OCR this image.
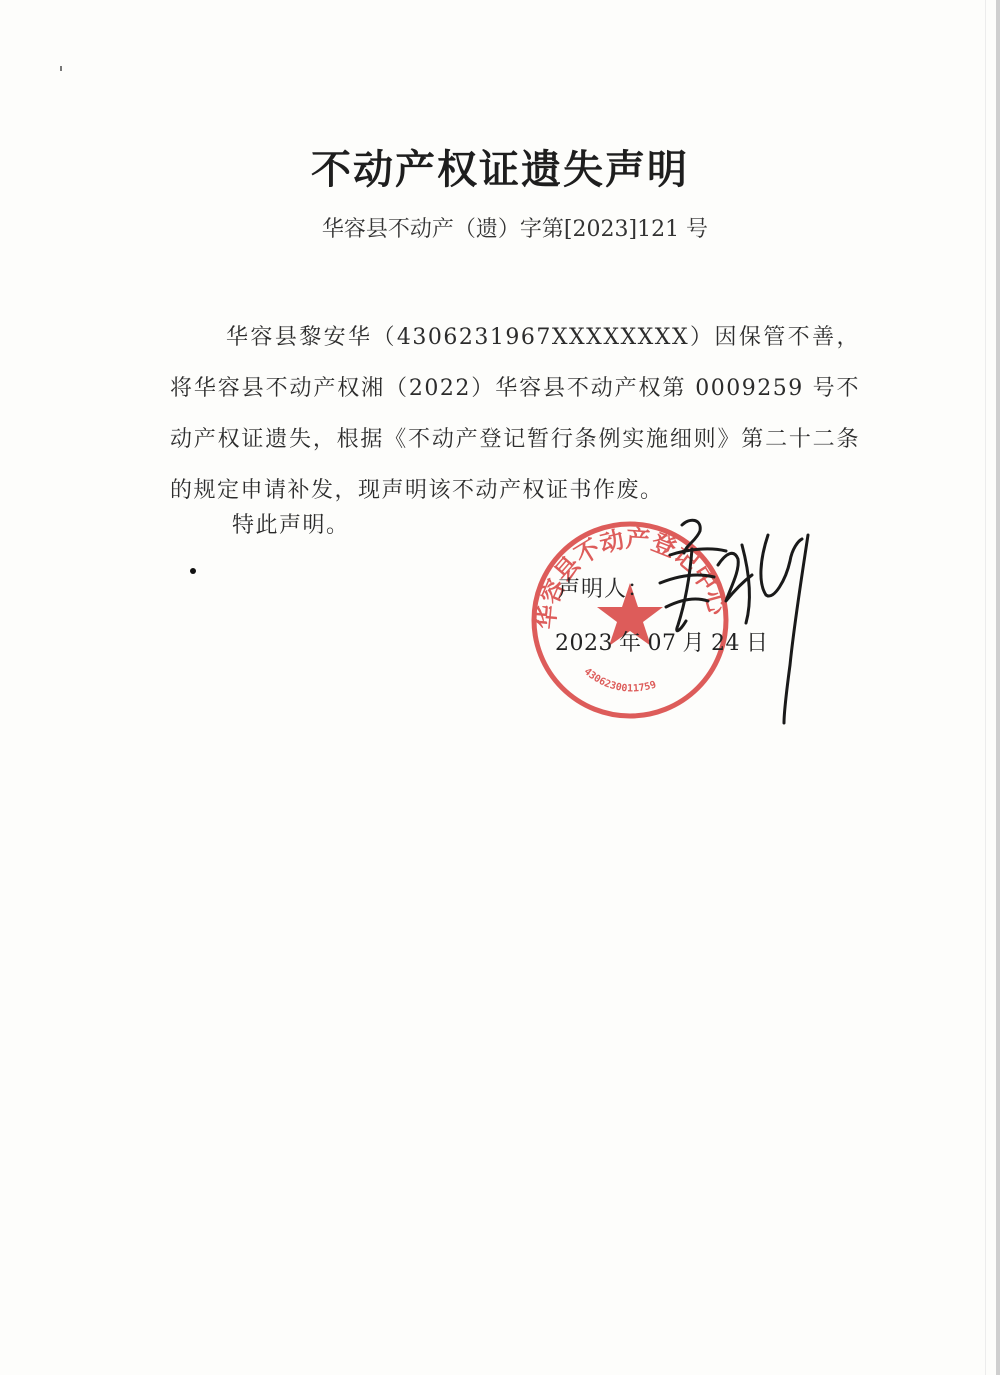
不动产权证遗失声明
华容县不动产（遗）字第[2023]121 号
华容县黎安华（4306231967XXXXXXXX）因保管不善，将华容县不动产权湘（2022）华容县不动产权第 0009259 号不动产权证遗失，根据《不动产登记暂行条例实施细则》第二十二条的规定申请补发，现声明该不动产权证书作废。
特此声明。
华容县不动产登记中心
4306230011759
声明人：
2023 年 07 月 24 日
